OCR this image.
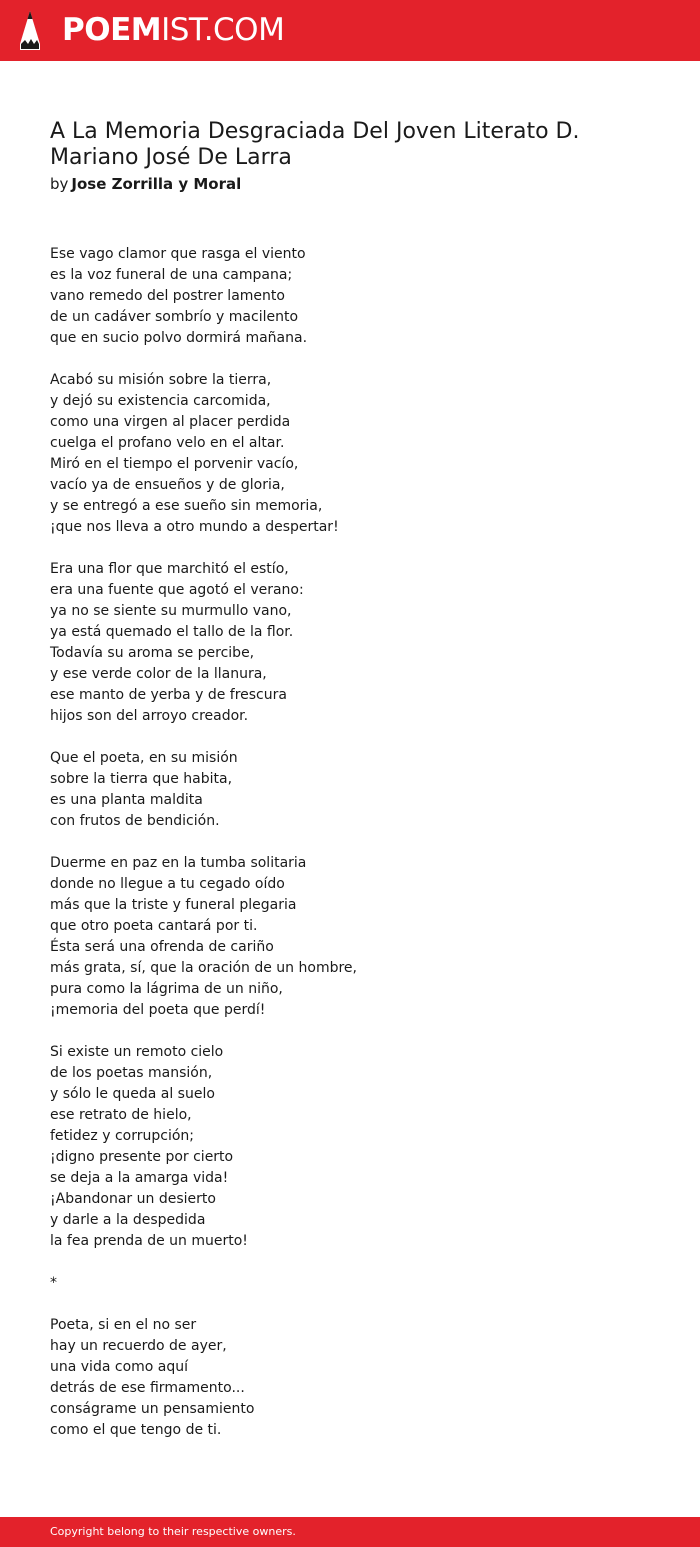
POEMIST.COM
A La Memoria Desgraciada Del Joven Literato D. Mariano José De Larra
by Jose Zorrilla y Moral
Ese vago clamor que rasga el viento
es la voz funeral de una campana;
vano remedo del postrer lamento
de un cadáver sombrío y macilento
que en sucio polvo dormirá mañana.
Acabó su misión sobre la tierra,
y dejó su existencia carcomida,
como una virgen al placer perdida
cuelga el profano velo en el altar.
Miró en el tiempo el porvenir vacío,
vacío ya de ensueños y de gloria,
y se entregó a ese sueño sin memoria,
¡que nos lleva a otro mundo a despertar!
Era una flor que marchitó el estío,
era una fuente que agotó el verano:
ya no se siente su murmullo vano,
ya está quemado el tallo de la flor.
Todavía su aroma se percibe,
y ese verde color de la llanura,
ese manto de yerba y de frescura
hijos son del arroyo creador.
Que el poeta, en su misión
sobre la tierra que habita,
es una planta maldita
con frutos de bendición.
Duerme en paz en la tumba solitaria
donde no llegue a tu cegado oído
más que la triste y funeral plegaria
que otro poeta cantará por ti.
Ésta será una ofrenda de cariño
más grata, sí, que la oración de un hombre,
pura como la lágrima de un niño,
¡memoria del poeta que perdí!
Si existe un remoto cielo
de los poetas mansión,
y sólo le queda al suelo
ese retrato de hielo,
fetidez y corrupción;
¡digno presente por cierto
se deja a la amarga vida!
¡Abandonar un desierto
y darle a la despedida
la fea prenda de un muerto!
*
Poeta, si en el no ser
hay un recuerdo de ayer,
una vida como aquí
detrás de ese firmamento...
conságrame un pensamiento
como el que tengo de ti.
Copyright belong to their respective owners.
